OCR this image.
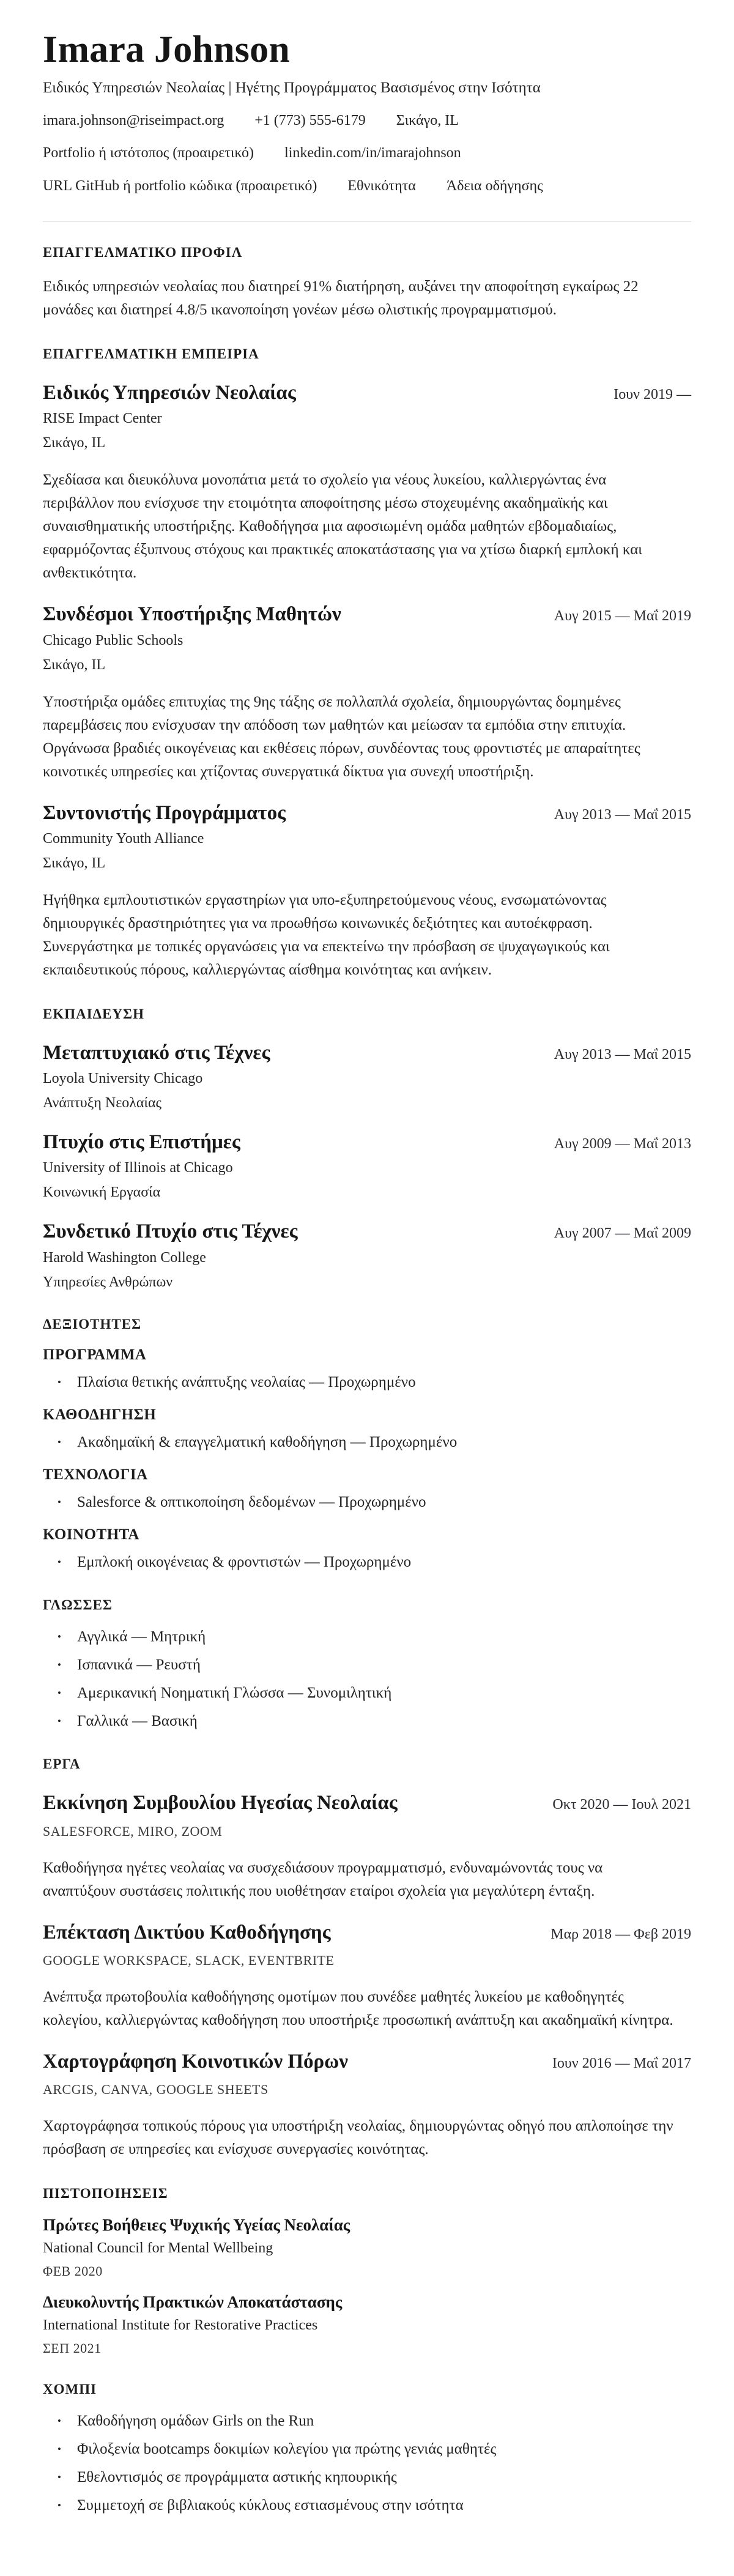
Imara Johnson
Ειδικός Υπηρεσιών Νεολαίας | Ηγέτης Προγράμματος Βασισμένος στην Ισότητα
imara.johnson@riseimpact.org +1 (773) 555-6179 Σικάγο, IL
Portfolio ή ιστότοπος (προαιρετικό) linkedin.com/in/imarajohnson
URL GitHub ή portfolio κώδικα (προαιρετικό) Εθνικότητα Άδεια οδήγησης
ΕΠΑΓΓΕΛΜΑΤΙΚΟ ΠΡΟΦΙΛ

Ειδικός υπηρεσιών νεολαίας που διατηρεί 91% διατήρηση, αυξάνει την αποφοίτηση εγκαίρως 22 μονάδες και διατηρεί 4.8/5 ικανοποίηση γονέων μέσω ολιστικής προγραμματισμού.

ΕΠΑΓΓΕΛΜΑΤΙΚΗ ΕΜΠΕΙΡΙΑ
Ειδικός Υπηρεσιών Νεολαίας	Ιουν 2019 —
RISE Impact Center
Σικάγο, IL

Σχεδίασα και διευκόλυνα μονοπάτια μετά το σχολείο για νέους λυκείου, καλλιεργώντας ένα περιβάλλον που ενίσχυσε την ετοιμότητα αποφοίτησης μέσω στοχευμένης ακαδημαϊκής και συναισθηματικής υποστήριξης. Καθοδήγησα μια αφοσιωμένη ομάδα μαθητών εβδομαδιαίως, εφαρμόζοντας έξυπνους στόχους και πρακτικές αποκατάστασης για να χτίσω διαρκή εμπλοκή και ανθεκτικότητα.

Συνδέσμοι Υποστήριξης Μαθητών	Αυγ 2015 — Μαΐ 2019
Chicago Public Schools
Σικάγο, IL

Υποστήριξα ομάδες επιτυχίας της 9ης τάξης σε πολλαπλά σχολεία, δημιουργώντας δομημένες παρεμβάσεις που ενίσχυσαν την απόδοση των μαθητών και μείωσαν τα εμπόδια στην επιτυχία. Οργάνωσα βραδιές οικογένειας και εκθέσεις πόρων, συνδέοντας τους φροντιστές με απαραίτητες κοινοτικές υπηρεσίες και χτίζοντας συνεργατικά δίκτυα για συνεχή υποστήριξη.

Συντονιστής Προγράμματος	Αυγ 2013 — Μαΐ 2015
Community Youth Alliance
Σικάγο, IL

Ηγήθηκα εμπλουτιστικών εργαστηρίων για υπο-εξυπηρετούμενους νέους, ενσωματώνοντας δημιουργικές δραστηριότητες για να προωθήσω κοινωνικές δεξιότητες και αυτοέκφραση. Συνεργάστηκα με τοπικές οργανώσεις για να επεκτείνω την πρόσβαση σε ψυχαγωγικούς και εκπαιδευτικούς πόρους, καλλιεργώντας αίσθημα κοινότητας και ανήκειν.

ΕΚΠΑΙΔΕΥΣΗ
Μεταπτυχιακό στις Τέχνες	Αυγ 2013 — Μαΐ 2015
Loyola University Chicago
Ανάπτυξη Νεολαίας
Πτυχίο στις Επιστήμες	Αυγ 2009 — Μαΐ 2013
University of Illinois at Chicago
Κοινωνική Εργασία
Συνδετικό Πτυχίο στις Τέχνες	Αυγ 2007 — Μαΐ 2009
Harold Washington College
Υπηρεσίες Ανθρώπων
ΔΕΞΙΟΤΗΤΕΣ
ΠΡΟΓΡΑΜΜΑ
•	Πλαίσια θετικής ανάπτυξης νεολαίας — Προχωρημένο
ΚΑΘΟΔΗΓΗΣΗ
•	Ακαδημαϊκή & επαγγελματική καθοδήγηση — Προχωρημένο
ΤΕΧΝΟΛΟΓΙΑ
•	Salesforce & οπτικοποίηση δεδομένων — Προχωρημένο
ΚΟΙΝΟΤΗΤΑ
•	Εμπλοκή οικογένειας & φροντιστών — Προχωρημένο
ΓΛΩΣΣΕΣ
•	Αγγλικά — Μητρική
•	Ισπανικά — Ρευστή
•	Αμερικανική Νοηματική Γλώσσα — Συνομιλητική
•	Γαλλικά — Βασική
ΕΡΓΑ
Εκκίνηση Συμβουλίου Ηγεσίας Νεολαίας	Οκτ 2020 — Ιουλ 2021
SALESFORCE, MIRO, ZOOM

Καθοδήγησα ηγέτες νεολαίας να συσχεδιάσουν προγραμματισμό, ενδυναμώνοντάς τους να αναπτύξουν συστάσεις πολιτικής που υιοθέτησαν εταίροι σχολεία για μεγαλύτερη ένταξη.

Επέκταση Δικτύου Καθοδήγησης	Μαρ 2018 — Φεβ 2019
GOOGLE WORKSPACE, SLACK, EVENTBRITE

Ανέπτυξα πρωτοβουλία καθοδήγησης ομοτίμων που συνέδεε μαθητές λυκείου με καθοδηγητές κολεγίου, καλλιεργώντας καθοδήγηση που υποστήριξε προσωπική ανάπτυξη και ακαδημαϊκή κίνητρα.

Χαρτογράφηση Κοινοτικών Πόρων	Ιουν 2016 — Μαΐ 2017
ARCGIS, CANVA, GOOGLE SHEETS

Χαρτογράφησα τοπικούς πόρους για υποστήριξη νεολαίας, δημιουργώντας οδηγό που απλοποίησε την πρόσβαση σε υπηρεσίες και ενίσχυσε συνεργασίες κοινότητας.

ΠΙΣΤΟΠΟΙΗΣΕΙΣ
Πρώτες Βοήθειες Ψυχικής Υγείας Νεολαίας
National Council for Mental Wellbeing
ΦΕΒ 2020
Διευκολυντής Πρακτικών Αποκατάστασης
International Institute for Restorative Practices
ΣΕΠ 2021
ΧΟΜΠΙ
•	Καθοδήγηση ομάδων Girls on the Run
•	Φιλοξενία bootcamps δοκιμίων κολεγίου για πρώτης γενιάς μαθητές
•	Εθελοντισμός σε προγράμματα αστικής κηπουρικής
•	Συμμετοχή σε βιβλιακούς κύκλους εστιασμένους στην ισότητα
